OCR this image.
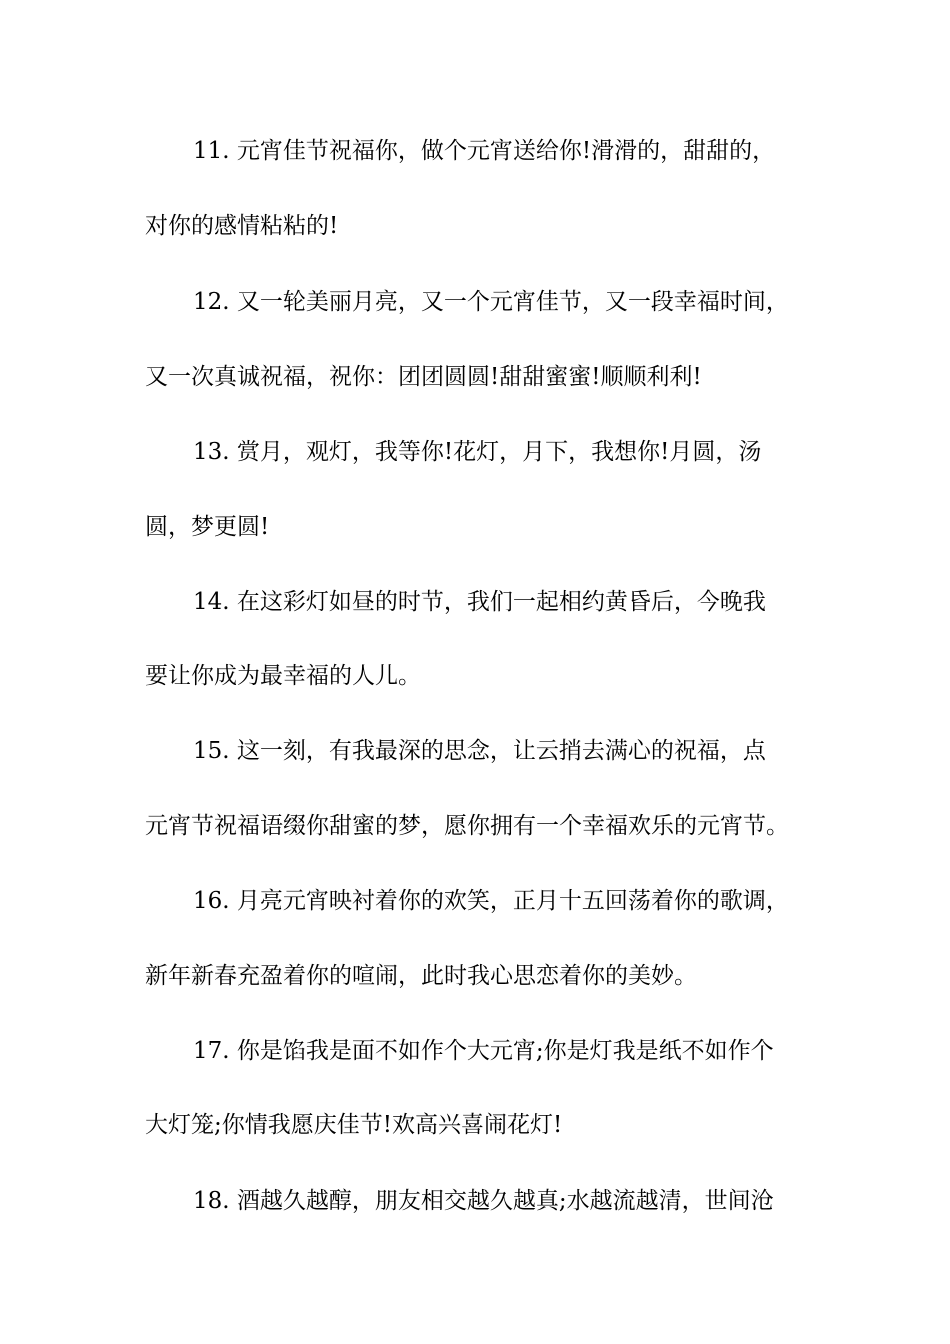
11. 元宵佳节祝福你，做个元宵送给你!滑滑的，甜甜的，
对你的感情粘粘的!
12. 又一轮美丽月亮，又一个元宵佳节，又一段幸福时间，
又一次真诚祝福，祝你：团团圆圆!甜甜蜜蜜!顺顺利利!
13. 赏月，观灯，我等你!花灯，月下，我想你!月圆，汤
圆，梦更圆!
14. 在这彩灯如昼的时节，我们一起相约黄昏后，今晚我
要让你成为最幸福的人儿。
15. 这一刻，有我最深的思念，让云捎去满心的祝福，点
元宵节祝福语缀你甜蜜的梦，愿你拥有一个幸福欢乐的元宵节。
16. 月亮元宵映衬着你的欢笑，正月十五回荡着你的歌调，
新年新春充盈着你的喧闹，此时我心思恋着你的美妙。
17. 你是馅我是面不如作个大元宵;你是灯我是纸不如作个
大灯笼;你情我愿庆佳节!欢高兴喜闹花灯!
18. 酒越久越醇，朋友相交越久越真;水越流越清，世间沧
